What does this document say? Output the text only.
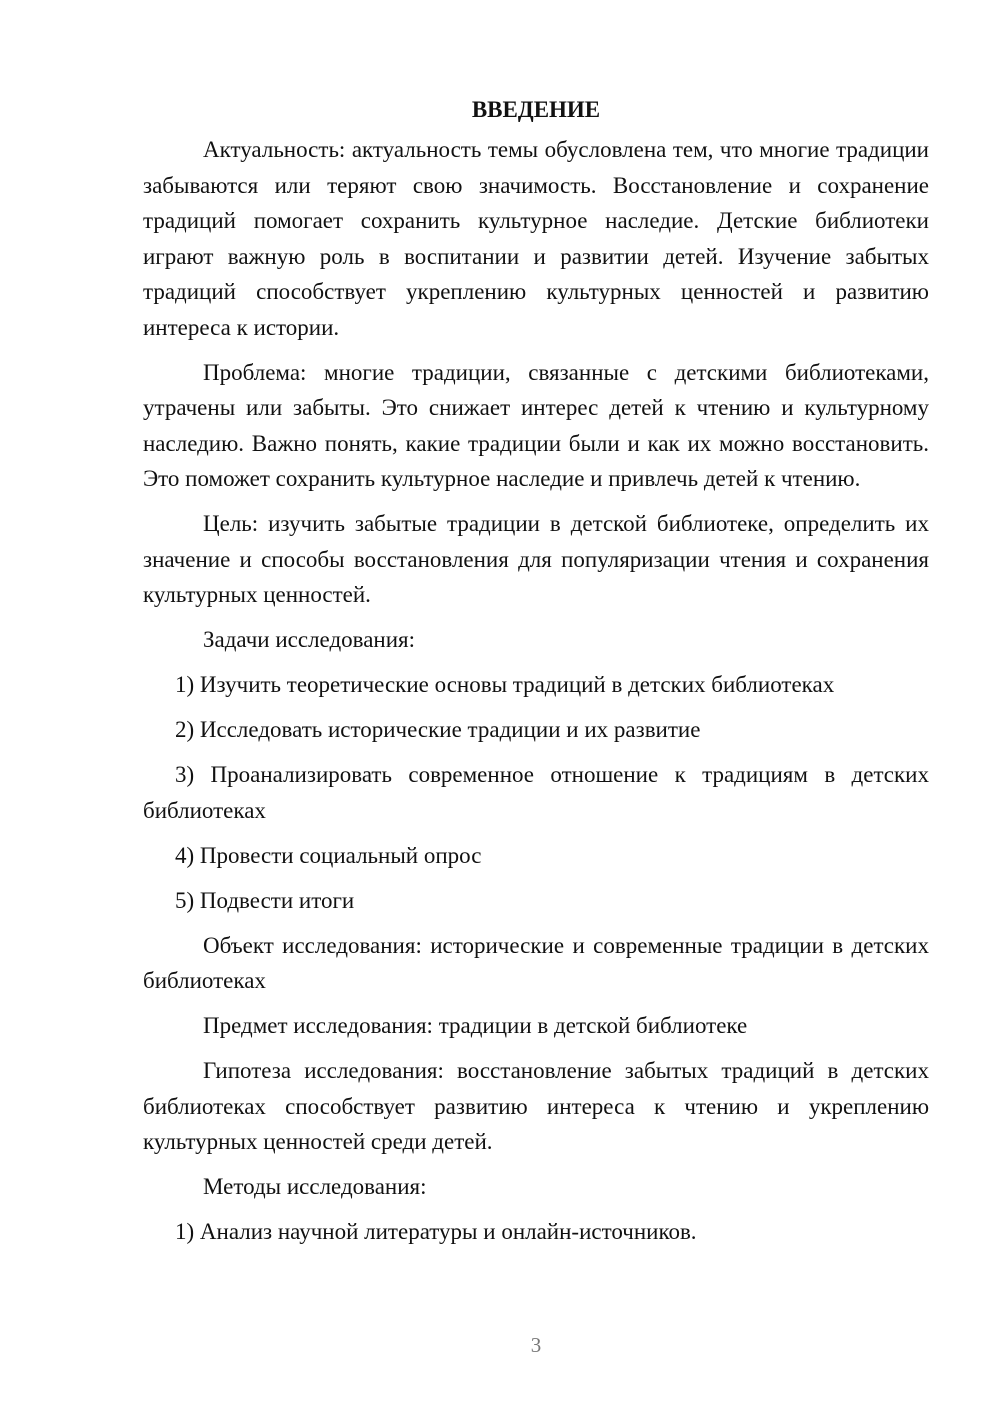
ВВЕДЕНИЕ

Актуальность: актуальность темы обусловлена тем, что многие традиции забываются или теряют свою значимость. Восстановление и сохранение традиций помогает сохранить культурное наследие. Детские библиотеки играют важную роль в воспитании и развитии детей. Изучение забытых традиций способствует укреплению культурных ценностей и развитию интереса к истории.

Проблема: многие традиции, связанные с детскими библиотеками, утрачены или забыты. Это снижает интерес детей к чтению и культурному наследию. Важно понять, какие традиции были и как их можно восстановить. Это поможет сохранить культурное наследие и привлечь детей к чтению.

Цель: изучить забытые традиции в детской библиотеке, определить их значение и способы восстановления для популяризации чтения и сохранения культурных ценностей.

Задачи исследования:

1) Изучить теоретические основы традиций в детских библиотеках

2) Исследовать исторические традиции и их развитие

3) Проанализировать современное отношение к традициям в детских библиотеках

4) Провести социальный опрос

5) Подвести итоги

Объект исследования: исторические и современные традиции в детских библиотеках

Предмет исследования: традиции в детской библиотеке

Гипотеза исследования: восстановление забытых традиций в детских библиотеках способствует развитию интереса к чтению и укреплению культурных ценностей среди детей.

Методы исследования:

1) Анализ научной литературы и онлайн-источников.

3
